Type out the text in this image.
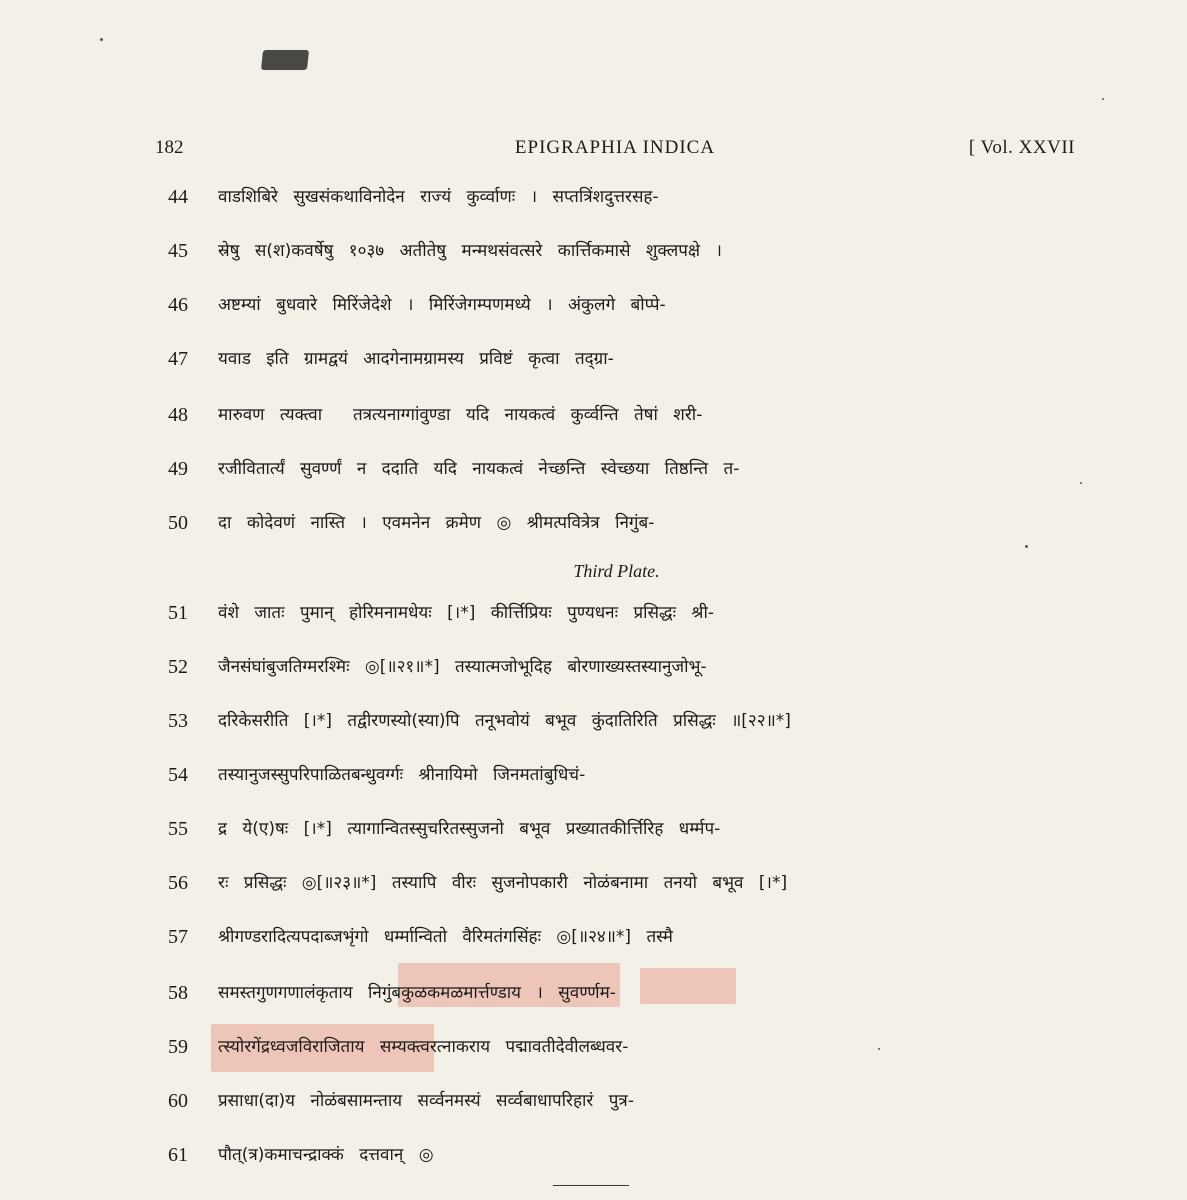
182	EPIGRAPHIA INDICA	[ Vol. XXVII
44	वाडशिबिरे सुखसंकथाविनोदेन राज्यं कुर्व्वाणः । सप्तत्रिंशदुत्तरसह-
45	स्रेषु स(श)कवर्षेषु १०३७ अतीतेषु मन्मथसंवत्सरे कार्त्तिकमासे शुक्लपक्षे ।
46	अष्टम्यां बुधवारे मिरिंजेदेशे । मिरिंजेगम्पणमध्ये । अंकुलगे बोप्पे-
47	यवाड इति ग्रामद्वयं आदगेनामग्रामस्य प्रविष्टं कृत्वा तद्ग्रा-
48	मारुवण त्यक्त्वा  तत्रत्यनाग्गांवुण्डा यदि नायकत्वं कुर्व्वन्ति तेषां शरी-
49	रजीवितार्त्यं सुवर्ण्णं न ददाति यदि नायकत्वं नेच्छन्ति स्वेच्छया तिष्ठन्ति त-
50	दा कोदेवणं नास्ति । एवमनेन क्रमेण ◎ श्रीमत्पवित्रेत्र निगुंब-
Third Plate.
51	वंशे जातः पुमान् होरिमनामधेयः [।*] कीर्त्तिप्रियः पुण्यधनः प्रसिद्धः श्री-
52	जैनसंघांबुजतिग्मरश्मिः ◎[॥२१॥*] तस्यात्मजोभूदिह बोरणाख्यस्तस्यानुजोभू-
53	दरिकेसरीति [।*] तद्वीरणस्यो(स्या)पि तनूभवोयं बभूव कुंदातिरिति प्रसिद्धः ॥[२२॥*]
54	तस्यानुजस्सुपरिपाळितबन्धुवर्ग्गः श्रीनायिमो जिनमतांबुधिचं-
55	द्र ये(ए)षः [।*] त्यागान्वितस्सुचरितस्सुजनो बभूव प्रख्यातकीर्त्तिरिह धर्म्मप-
56	रः प्रसिद्धः ◎[॥२३॥*] तस्यापि वीरः सुजनोपकारी नोळंबनामा तनयो बभूव [।*]
57	श्रीगण्डरादित्यपदाब्जभृंगो धर्म्मान्वितो वैरिमतंगसिंहः ◎[॥२४॥*] तस्मै
58	समस्तगुणगणालंकृताय निगुंबकुळकमळमार्त्तण्डाय । सुवर्ण्णम-
59	त्स्योरगेंद्रध्वजविराजिताय सम्यक्त्वरत्नाकराय पद्मावतीदेवीलब्धवर-
60	प्रसाधा(दा)य नोळंबसामन्ताय सर्व्वनमस्यं सर्व्वबाधापरिहारं पुत्र-
61	पौत्(त्र)कमाचन्द्राक्कं दत्तवान् ◎
